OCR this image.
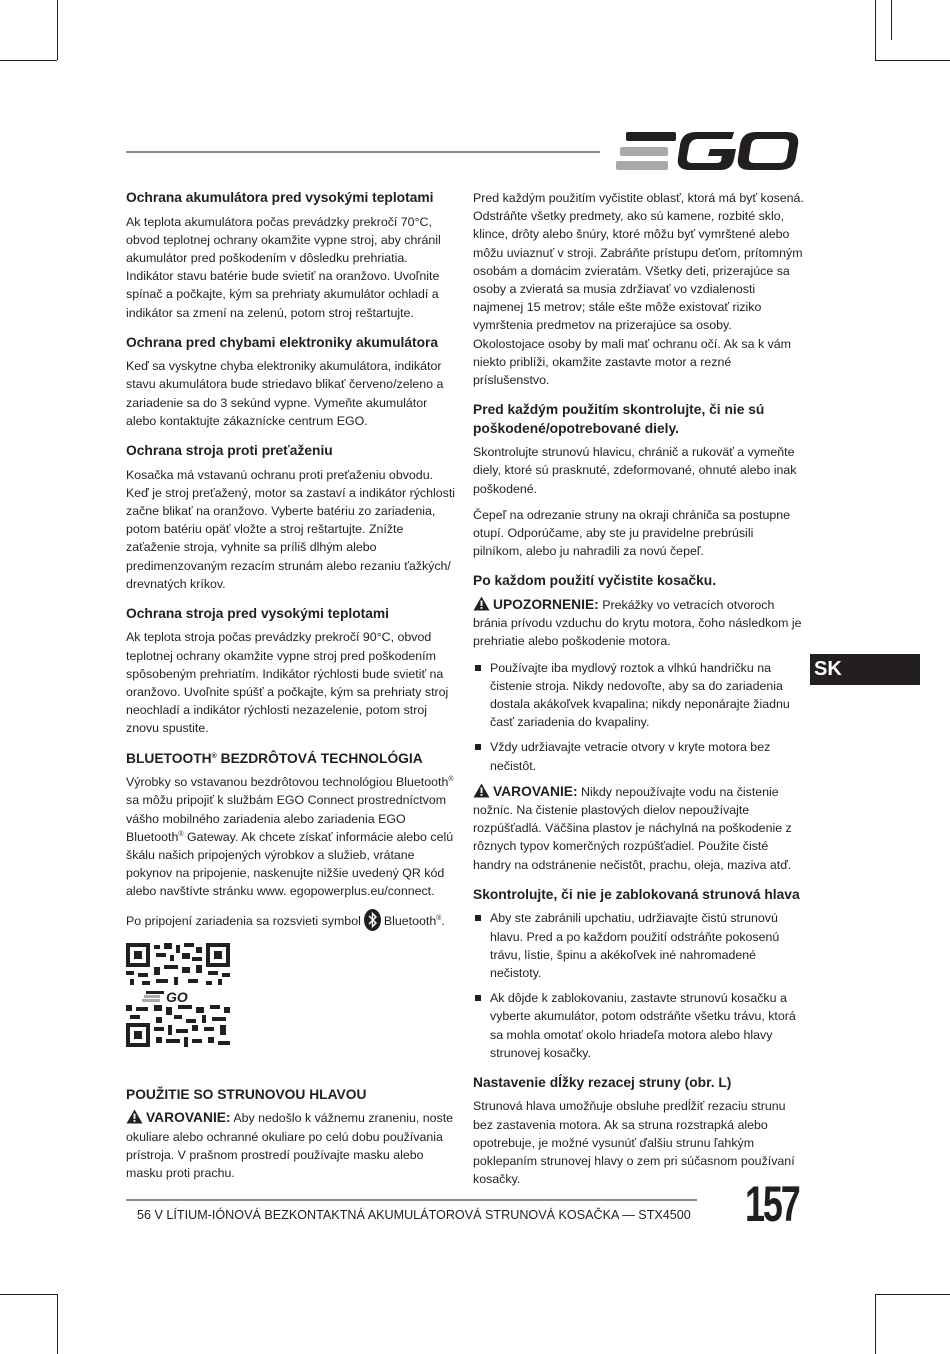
Ochrana akumulátora pred vysokými teplotami

Ak teplota akumulátora počas prevádzky prekročí 70°C, obvod teplotnej ochrany okamžite vypne stroj, aby chránil akumulátor pred poškodením v dôsledku prehriatia. Indikátor stavu batérie bude svietiť na oranžovo. Uvoľnite spínač a počkajte, kým sa prehriaty akumulátor ochladí a indikátor sa zmení na zelenú, potom stroj reštartujte.

Ochrana pred chybami elektroniky akumulátora

Keď sa vyskytne chyba elektroniky akumulátora, indikátor stavu akumulátora bude striedavo blikať červeno/zeleno a zariadenie sa do 3 sekúnd vypne. Vymeňte akumulátor alebo kontaktujte zákaznícke centrum EGO.

Ochrana stroja proti preťaženiu

Kosačka má vstavanú ochranu proti preťaženiu obvodu. Keď je stroj preťažený, motor sa zastaví a indikátor rýchlosti začne blikať na oranžovo. Vyberte batériu zo zariadenia, potom batériu opäť vložte a stroj reštartujte. Znížte zaťaženie stroja, vyhnite sa príliš dlhým alebo predimenzovaným rezacím strunám alebo rezaniu ťažkých/ drevnatých kríkov.

Ochrana stroja pred vysokými teplotami

Ak teplota stroja počas prevádzky prekročí 90°C, obvod teplotnej ochrany okamžite vypne stroj pred poškodením spôsobeným prehriatím. Indikátor rýchlosti bude svietiť na oranžovo. Uvoľnite spúšť a počkajte, kým sa prehriaty stroj neochladí a indikátor rýchlosti nezazelenie, potom stroj znovu spustite.

BLUETOOTH® BEZDRÔTOVÁ TECHNOLÓGIA

Výrobky so vstavanou bezdrôtovou technológiou Bluetooth® sa môžu pripojiť k službám EGO Connect prostredníctvom vášho mobilného zariadenia alebo zariadenia EGO Bluetooth® Gateway. Ak chcete získať informácie alebo celú škálu našich pripojených výrobkov a služieb, vrátane pokynov na pripojenie, naskenujte nižšie uvedený QR kód alebo navštívte stránku www. egopowerplus.eu/connect.

Po pripojení zariadenia sa rozsvieti symbol Bluetooth®.

GO
POUŽITIE SO STRUNOVOU HLAVOU

VAROVANIE: Aby nedošlo k vážnemu zraneniu, noste okuliare alebo ochranné okuliare po celú dobu používania prístroja. V prašnom prostredí používajte masku alebo masku proti prachu.

Pred každým použitím vyčistite oblasť, ktorá má byť kosená. Odstráňte všetky predmety, ako sú kamene, rozbité sklo, klince, drôty alebo šnúry, ktoré môžu byť vymrštené alebo môžu uviaznuť v stroji. Zabráňte prístupu deťom, prítomným osobám a domácim zvieratám. Všetky deti, prizerajúce sa osoby a zvieratá sa musia zdržiavať vo vzdialenosti najmenej 15 metrov; stále ešte môže existovať riziko vymrštenia predmetov na prizerajúce sa osoby. Okolostojace osoby by mali mať ochranu očí. Ak sa k vám niekto priblíži, okamžite zastavte motor a rezné príslušenstvo.

Pred každým použitím skontrolujte, či nie sú poškodené/opotrebované diely.

Skontrolujte strunovú hlavicu, chránič a rukoväť a vymeňte diely, ktoré sú prasknuté, zdeformované, ohnuté alebo inak poškodené.

Čepeľ na odrezanie struny na okraji chrániča sa postupne otupí. Odporúčame, aby ste ju pravidelne prebrúsili pilníkom, alebo ju nahradili za novú čepeľ.

Po každom použití vyčistite kosačku.

UPOZORNENIE: Prekážky vo vetracích otvoroch bránia prívodu vzduchu do krytu motora, čoho následkom je prehriatie alebo poškodenie motora.

Používajte iba mydlový roztok a vlhkú handričku na čistenie stroja. Nikdy nedovoľte, aby sa do zariadenia dostala akákoľvek kvapalina; nikdy neponárajte žiadnu časť zariadenia do kvapaliny.
Vždy udržiavajte vetracie otvory v kryte motora bez nečistôt.

VAROVANIE: Nikdy nepoužívajte vodu na čistenie nožníc. Na čistenie plastových dielov nepoužívajte rozpúšťadlá. Väčšina plastov je náchylná na poškodenie z rôznych typov komerčných rozpúšťadiel. Použite čisté handry na odstránenie nečistôt, prachu, oleja, maziva atď.

Skontrolujte, či nie je zablokovaná strunová hlava
Aby ste zabránili upchatiu, udržiavajte čistú strunovú hlavu. Pred a po každom použití odstráňte pokosenú trávu, lístie, špinu a akékoľvek iné nahromadené nečistoty.
Ak dôjde k zablokovaniu, zastavte strunovú kosačku a vyberte akumulátor, potom odstráňte všetku trávu, ktorá sa mohla omotať okolo hriadeľa motora alebo hlavy strunovej kosačky.
Nastavenie dĺžky rezacej struny (obr. L)

Strunová hlava umožňuje obsluhe predĺžiť rezaciu strunu bez zastavenia motora. Ak sa struna rozstrapká alebo opotrebuje, je možné vysunúť ďalšiu strunu ľahkým poklepaním strunovej hlavy o zem pri súčasnom používaní kosačky.

SK
56 V LÍTIUM-IÓNOVÁ BEZKONTAKTNÁ AKUMULÁTOROVÁ STRUNOVÁ KOSAČKA — STX4500 157
